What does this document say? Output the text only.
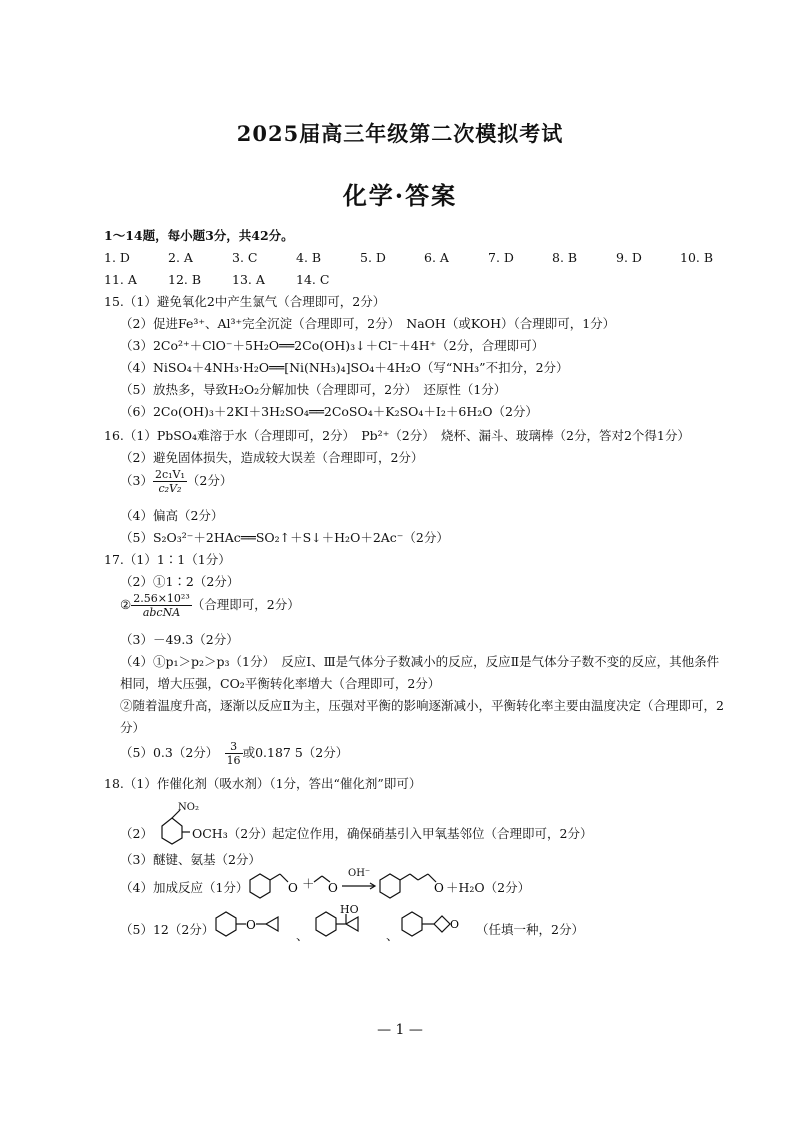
2025届高三年级第二次模拟考试
化学·答案
1～14题，每小题3分，共42分。
1. D	2. A	3. C	4. B	5. D	6. A	7. D	8. B	9. D	10. B
11. A 12. B 13. A 14. C
15.（1）避免氧化2中产生氯气（合理即可，2分）
（2）促进Fe³⁺、Al³⁺完全沉淀（合理即可，2分）　NaOH（或KOH）（合理即可，1分）
（3）2Co²⁺＋ClO⁻＋5H₂O══2Co(OH)₃↓＋Cl⁻＋4H⁺（2分，合理即可）
（4）NiSO₄＋4NH₃·H₂O══[Ni(NH₃)₄]SO₄＋4H₂O（写“NH₃”不扣分，2分）
（5）放热多，导致H₂O₂分解加快（合理即可，2分）　还原性（1分）
（6）2Co(OH)₃＋2KI＋3H₂SO₄══2CoSO₄＋K₂SO₄＋I₂＋6H₂O（2分）
16.（1）PbSO₄难溶于水（合理即可，2分）　Pb²⁺（2分）　烧杯、漏斗、玻璃棒（2分，答对2个得1分）
（2）避免固体损失，造成较大误差（合理即可，2分）
$(3) \frac{\text{2c₁V₁}}{\text{c₂V₂}} (2$分）
（4）偏高（2分）
（5）S₂O₃²⁻＋2HAc══SO₂↑＋S↓＋H₂O＋2Ac⁻（2分）
17.（1）1∶1（1分）
（2）①1∶2（2分）
② $\frac{\text{2.56×10²³}}{\text{abcNA}}$ （合理即可，2分）
（3）－49.3（2分）
（4）①p₁＞p₂＞p₃（1分）　反应Ⅰ、Ⅲ是气体分子数减小的反应，反应Ⅱ是气体分子数不变的反应，其他条件
相同，增大压强，CO₂平衡转化率增大（合理即可，2分）
②随着温度升高，逐渐以反应Ⅱ为主，压强对平衡的影响逐渐减小，平衡转化率主要由温度决定（合理即可，2
分）
（5）0.3（2分）　 $\frac{3}{16}$ 或0.187 5（2分）
18.（1）作催化剂（吸水剂）（1分，答出“催化剂”即可）
（2）
NO₂
OCH₃（2分）
起定位作用，确保硝基引入甲氧基邻位（合理即可，2分）
（3）醚键、氨基（2分）
（4）加成反应（1分）	O	O	O
＋
OH⁻
＋H₂O（2分）
（5）12（2分）	O
、
HO
、
O （任填一种，2分）
— 1 —
